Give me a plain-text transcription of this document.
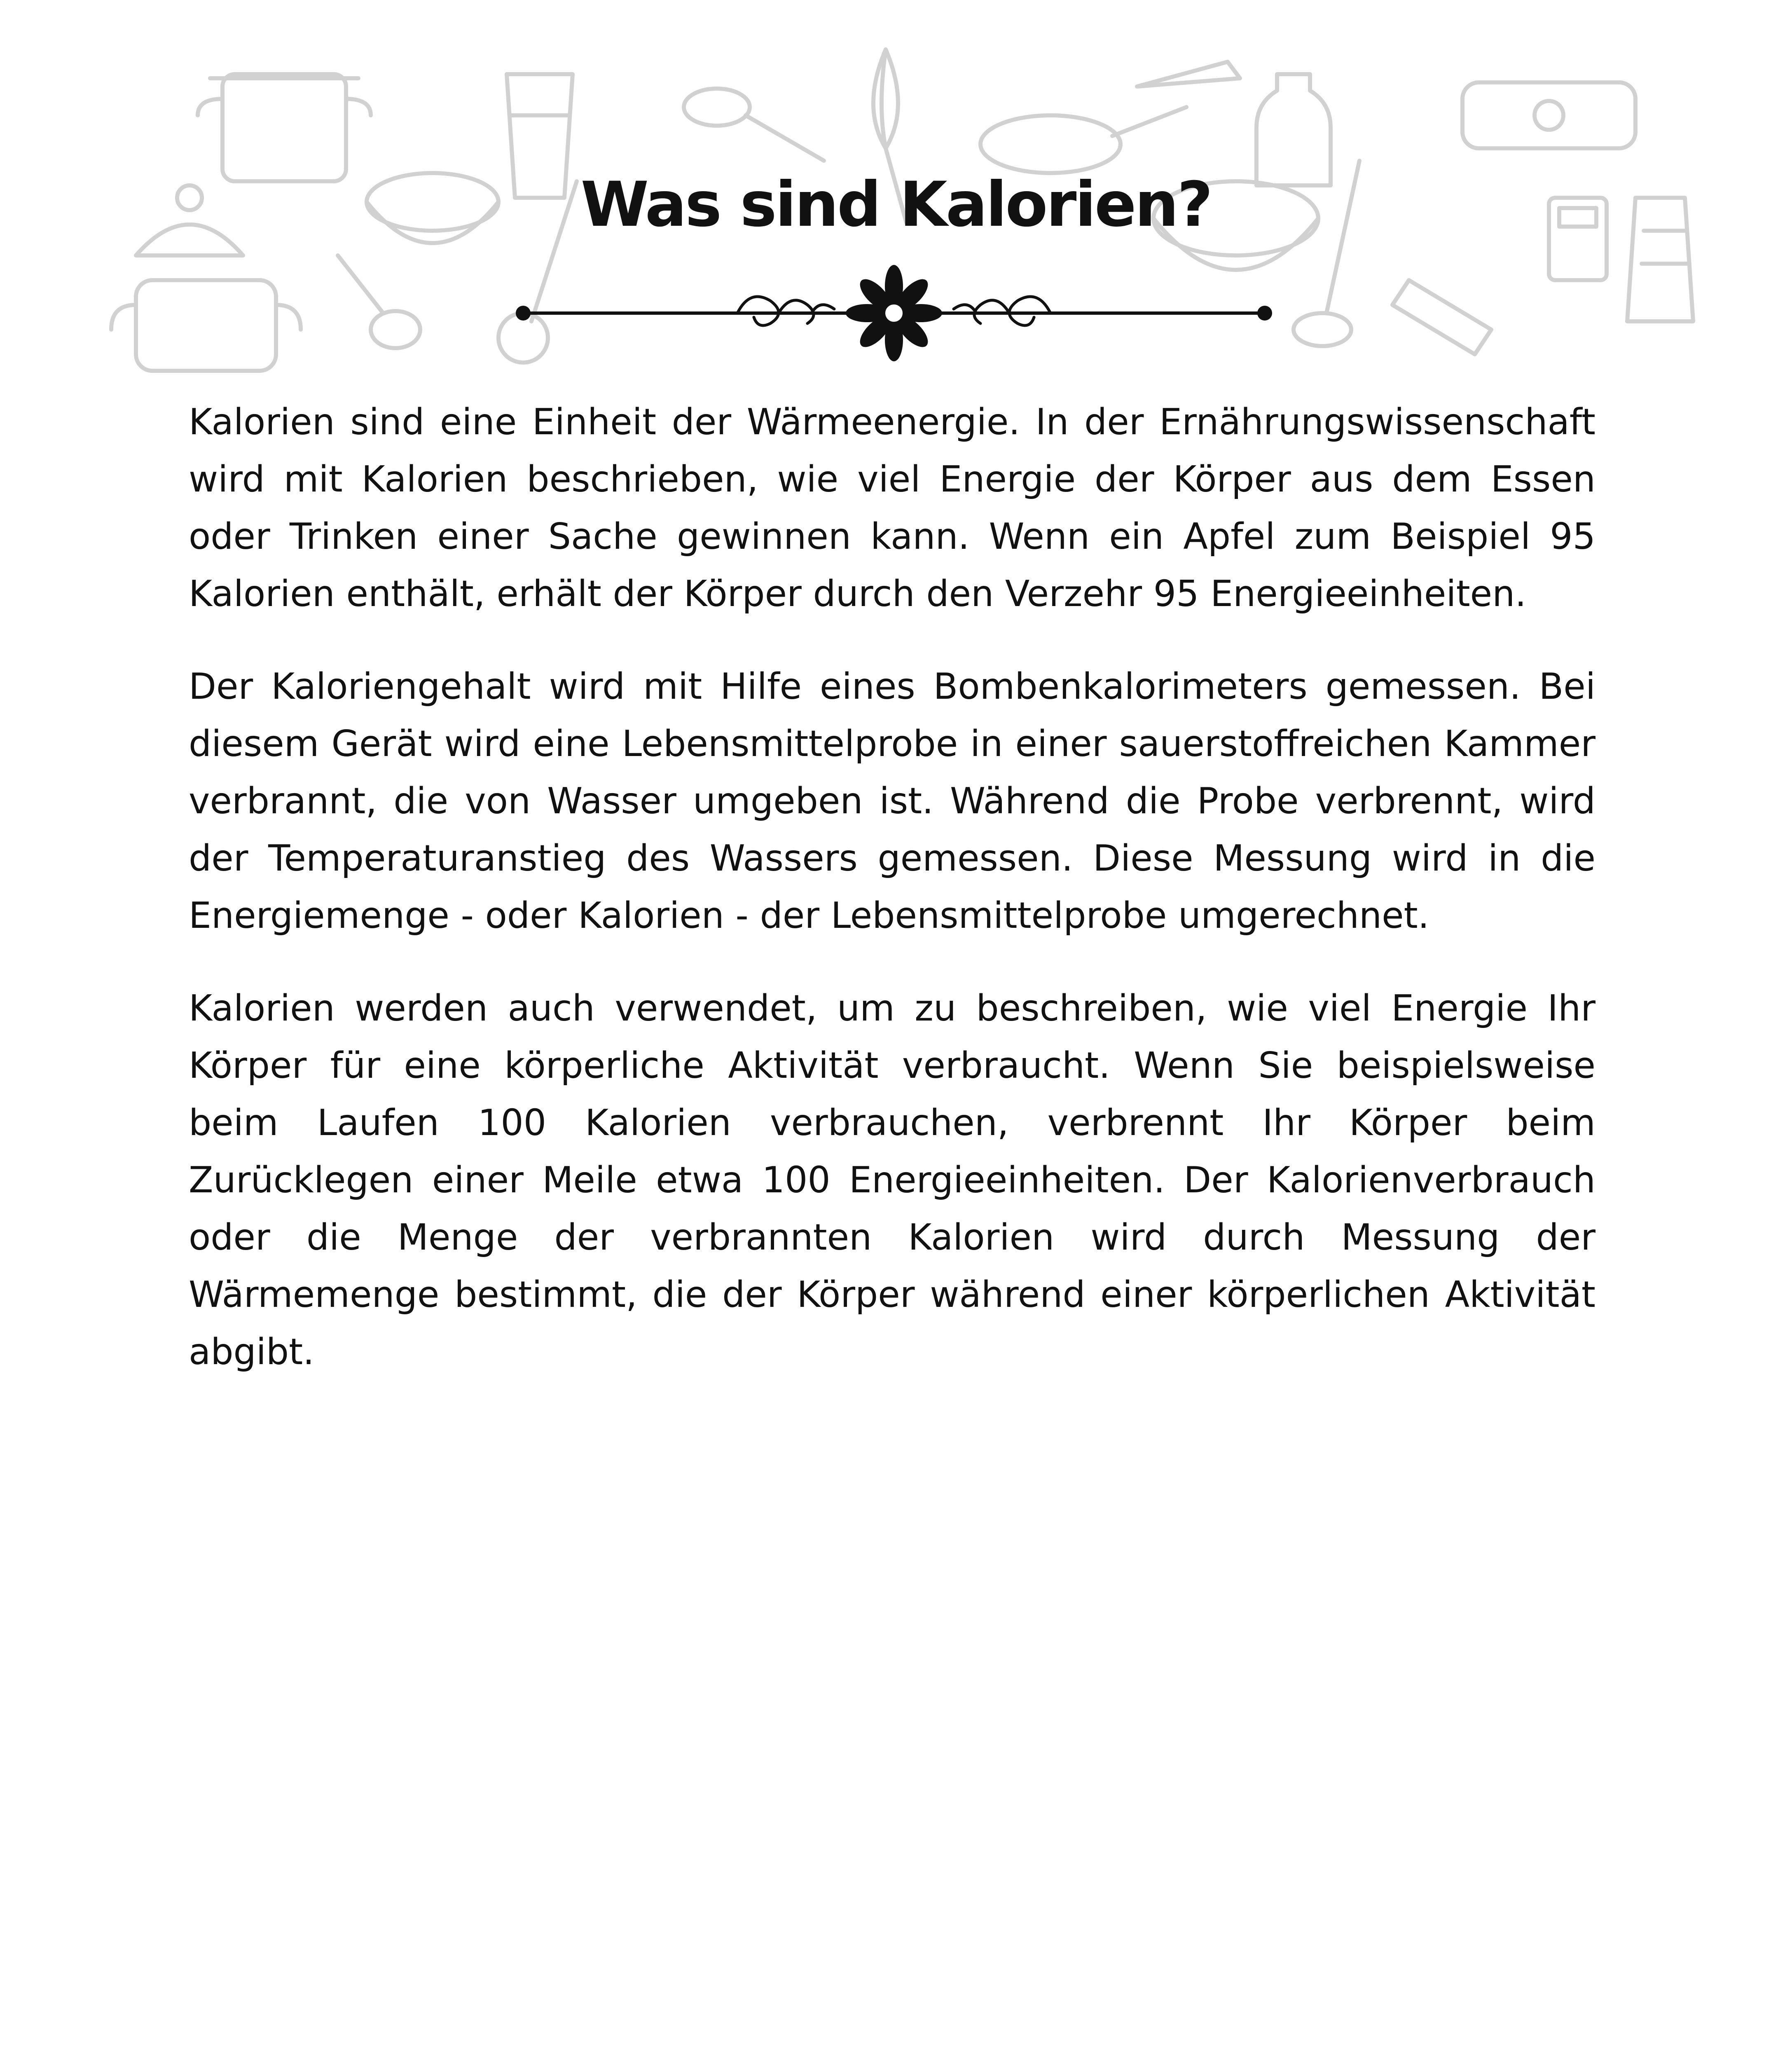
Was sind Kalorien?

Kalorien sind eine Einheit der Wärmeenergie. In der Ernährungswissenschaft wird mit Kalorien beschrieben, wie viel Energie der Körper aus dem Essen oder Trinken einer Sache gewinnen kann. Wenn ein Apfel zum Beispiel 95 Kalorien enthält, erhält der Körper durch den Verzehr 95 Energieeinheiten.

Der Kaloriengehalt wird mit Hilfe eines Bombenkalorimeters gemessen. Bei diesem Gerät wird eine Lebensmittelprobe in einer sauerstoffreichen Kammer verbrannt, die von Wasser umgeben ist. Während die Probe verbrennt, wird der Temperaturanstieg des Wassers gemessen. Diese Messung wird in die Energiemenge - oder Kalorien - der Lebensmittelprobe umgerechnet.

Kalorien werden auch verwendet, um zu beschreiben, wie viel Energie Ihr Körper für eine körperliche Aktivität verbraucht. Wenn Sie beispielsweise beim Laufen 100 Kalorien verbrauchen, verbrennt Ihr Körper beim Zurücklegen einer Meile etwa 100 Energieeinheiten. Der Kalorienverbrauch oder die Menge der verbrannten Kalorien wird durch Messung der Wärmemenge bestimmt, die der Körper während einer körperlichen Aktivität abgibt.
